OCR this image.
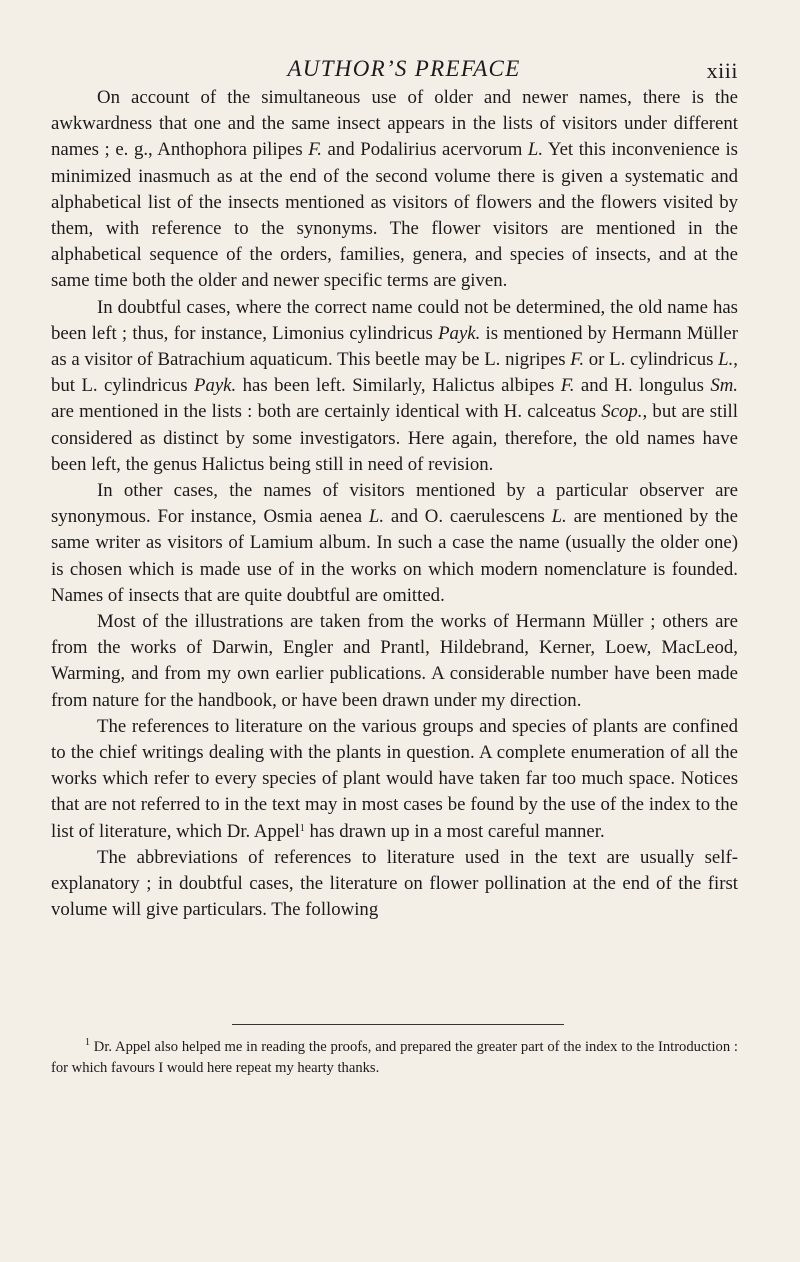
AUTHOR’S PREFACE	xiii

On account of the simultaneous use of older and newer names, there is the awkwardness that one and the same insect appears in the lists of visitors under different names ; e. g., Anthophora pilipes F. and Podalirius acervorum L. Yet this inconvenience is minimized inasmuch as at the end of the second volume there is given a systematic and alphabetical list of the insects mentioned as visitors of flowers and the flowers visited by them, with reference to the synonyms. The flower visitors are mentioned in the alphabetical sequence of the orders, families, genera, and species of insects, and at the same time both the older and newer specific terms are given.

In doubtful cases, where the correct name could not be determined, the old name has been left ; thus, for instance, Limonius cylindricus Payk. is mentioned by Hermann Müller as a visitor of Batrachium aquaticum. This beetle may be L. nigripes F. or L. cylindricus L., but L. cylindricus Payk. has been left. Similarly, Halictus albipes F. and H. longulus Sm. are mentioned in the lists : both are certainly identical with H. calceatus Scop., but are still considered as distinct by some investigators. Here again, therefore, the old names have been left, the genus Halictus being still in need of revision.

In other cases, the names of visitors mentioned by a particular observer are synonymous. For instance, Osmia aenea L. and O. caerulescens L. are mentioned by the same writer as visitors of Lamium album. In such a case the name (usually the older one) is chosen which is made use of in the works on which modern nomenclature is founded. Names of insects that are quite doubtful are omitted.

Most of the illustrations are taken from the works of Hermann Müller ; others are from the works of Darwin, Engler and Prantl, Hildebrand, Kerner, Loew, MacLeod, Warming, and from my own earlier publications. A considerable number have been made from nature for the handbook, or have been drawn under my direction.

The references to literature on the various groups and species of plants are confined to the chief writings dealing with the plants in question. A complete enumeration of all the works which refer to every species of plant would have taken far too much space. Notices that are not referred to in the text may in most cases be found by the use of the index to the list of literature, which Dr. Appel$^1$ has drawn up in a most careful manner.

The abbreviations of references to literature used in the text are usually self-explanatory ; in doubtful cases, the literature on flower pollination at the end of the first volume will give particulars. The following

$^1$ Dr. Appel also helped me in reading the proofs, and prepared the greater part of the index to the Introduction : for which favours I would here repeat my hearty thanks.
